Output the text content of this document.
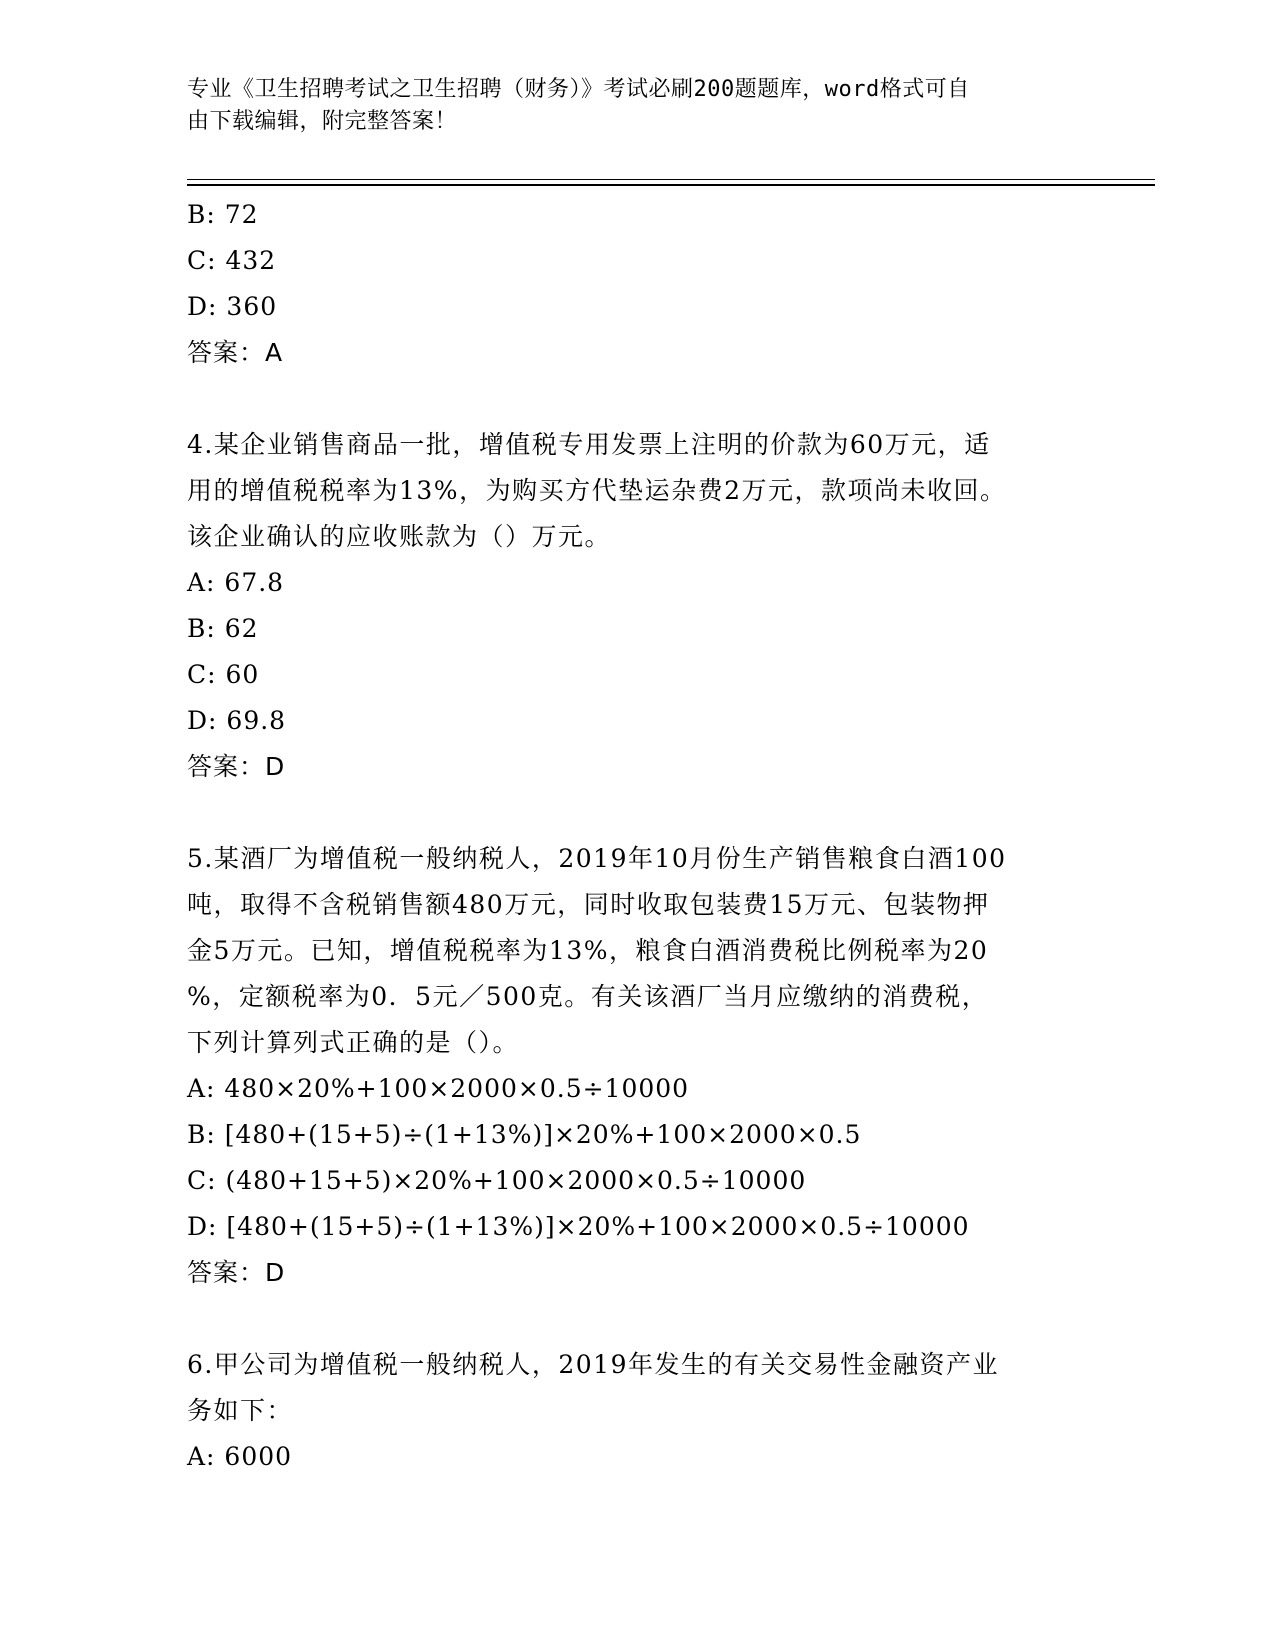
专业《卫生招聘考试之卫生招聘（财务）》考试必刷200题题库，word格式可自
由下载编辑，附完整答案！
B: 72
C: 432
D: 360
答案：A
4.某企业销售商品一批，增值税专用发票上注明的价款为60万元，适
用的增值税税率为13%，为购买方代垫运杂费2万元，款项尚未收回。
该企业确认的应收账款为（）万元。
A: 67.8
B: 62
C: 60
D: 69.8
答案：D
5.某酒厂为增值税一般纳税人，2019年10月份生产销售粮食白酒100
吨，取得不含税销售额480万元，同时收取包装费15万元、包装物押
金5万元。已知，增值税税率为13%，粮食白酒消费税比例税率为20
%，定额税率为0．5元／500克。有关该酒厂当月应缴纳的消费税，
下列计算列式正确的是（）。
A: 480×20%+100×2000×0.5÷10000
B: [480+(15+5)÷(1+13%)]×20%+100×2000×0.5
C: (480+15+5)×20%+100×2000×0.5÷10000
D: [480+(15+5)÷(1+13%)]×20%+100×2000×0.5÷10000
答案：D
6.甲公司为增值税一般纳税人，2019年发生的有关交易性金融资产业
务如下：
A: 6000
